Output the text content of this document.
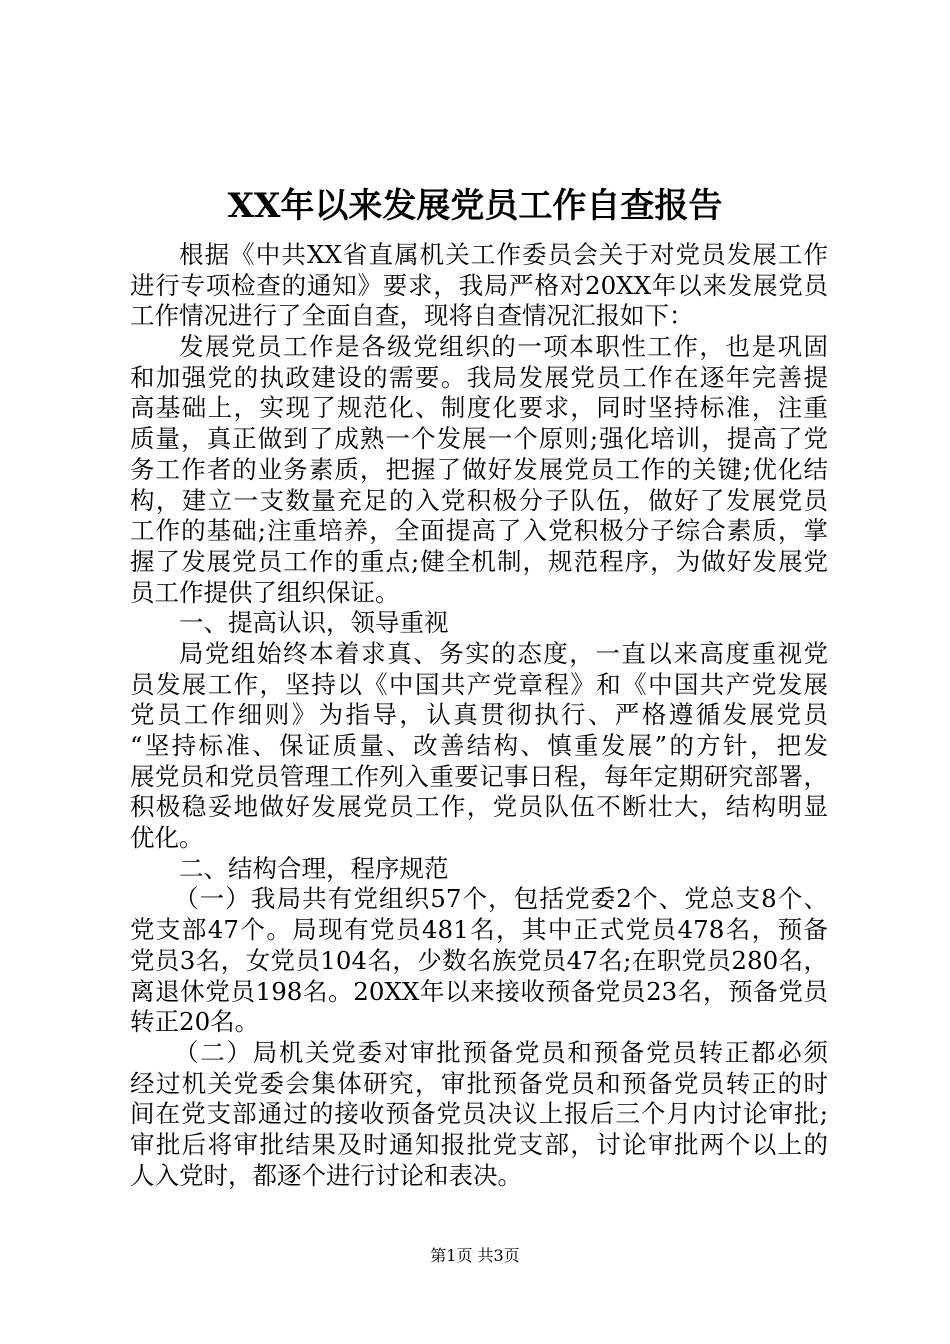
XX年以来发展党员工作自查报告
根据《中共XX省直属机关工作委员会关于对党员发展工作
进行专项检查的通知》要求，我局严格对20XX年以来发展党员
工作情况进行了全面自查，现将自查情况汇报如下：
发展党员工作是各级党组织的一项本职性工作，也是巩固
和加强党的执政建设的需要。我局发展党员工作在逐年完善提
高基础上，实现了规范化、制度化要求，同时坚持标准，注重
质量，真正做到了成熟一个发展一个原则;强化培训，提高了党
务工作者的业务素质，把握了做好发展党员工作的关键;优化结
构，建立一支数量充足的入党积极分子队伍，做好了发展党员
工作的基础;注重培养，全面提高了入党积极分子综合素质，掌
握了发展党员工作的重点;健全机制，规范程序，为做好发展党
员工作提供了组织保证。
一、提高认识，领导重视
局党组始终本着求真、务实的态度，一直以来高度重视党
员发展工作，坚持以《中国共产党章程》和《中国共产党发展
党员工作细则》为指导，认真贯彻执行、严格遵循发展党员
“坚持标准、保证质量、改善结构、慎重发展”的方针，把发
展党员和党员管理工作列入重要记事日程，每年定期研究部署，
积极稳妥地做好发展党员工作，党员队伍不断壮大，结构明显
优化。
二、结构合理，程序规范
（一）我局共有党组织57个，包括党委2个、党总支8个、
党支部47个。局现有党员481名，其中正式党员478名，预备
党员3名，女党员104名，少数名族党员47名;在职党员280名，
离退休党员198名。20XX年以来接收预备党员23名，预备党员
转正20名。
（二）局机关党委对审批预备党员和预备党员转正都必须
经过机关党委会集体研究，审批预备党员和预备党员转正的时
间在党支部通过的接收预备党员决议上报后三个月内讨论审批;
审批后将审批结果及时通知报批党支部，讨论审批两个以上的
人入党时，都逐个进行讨论和表决。
第1页 共3页
